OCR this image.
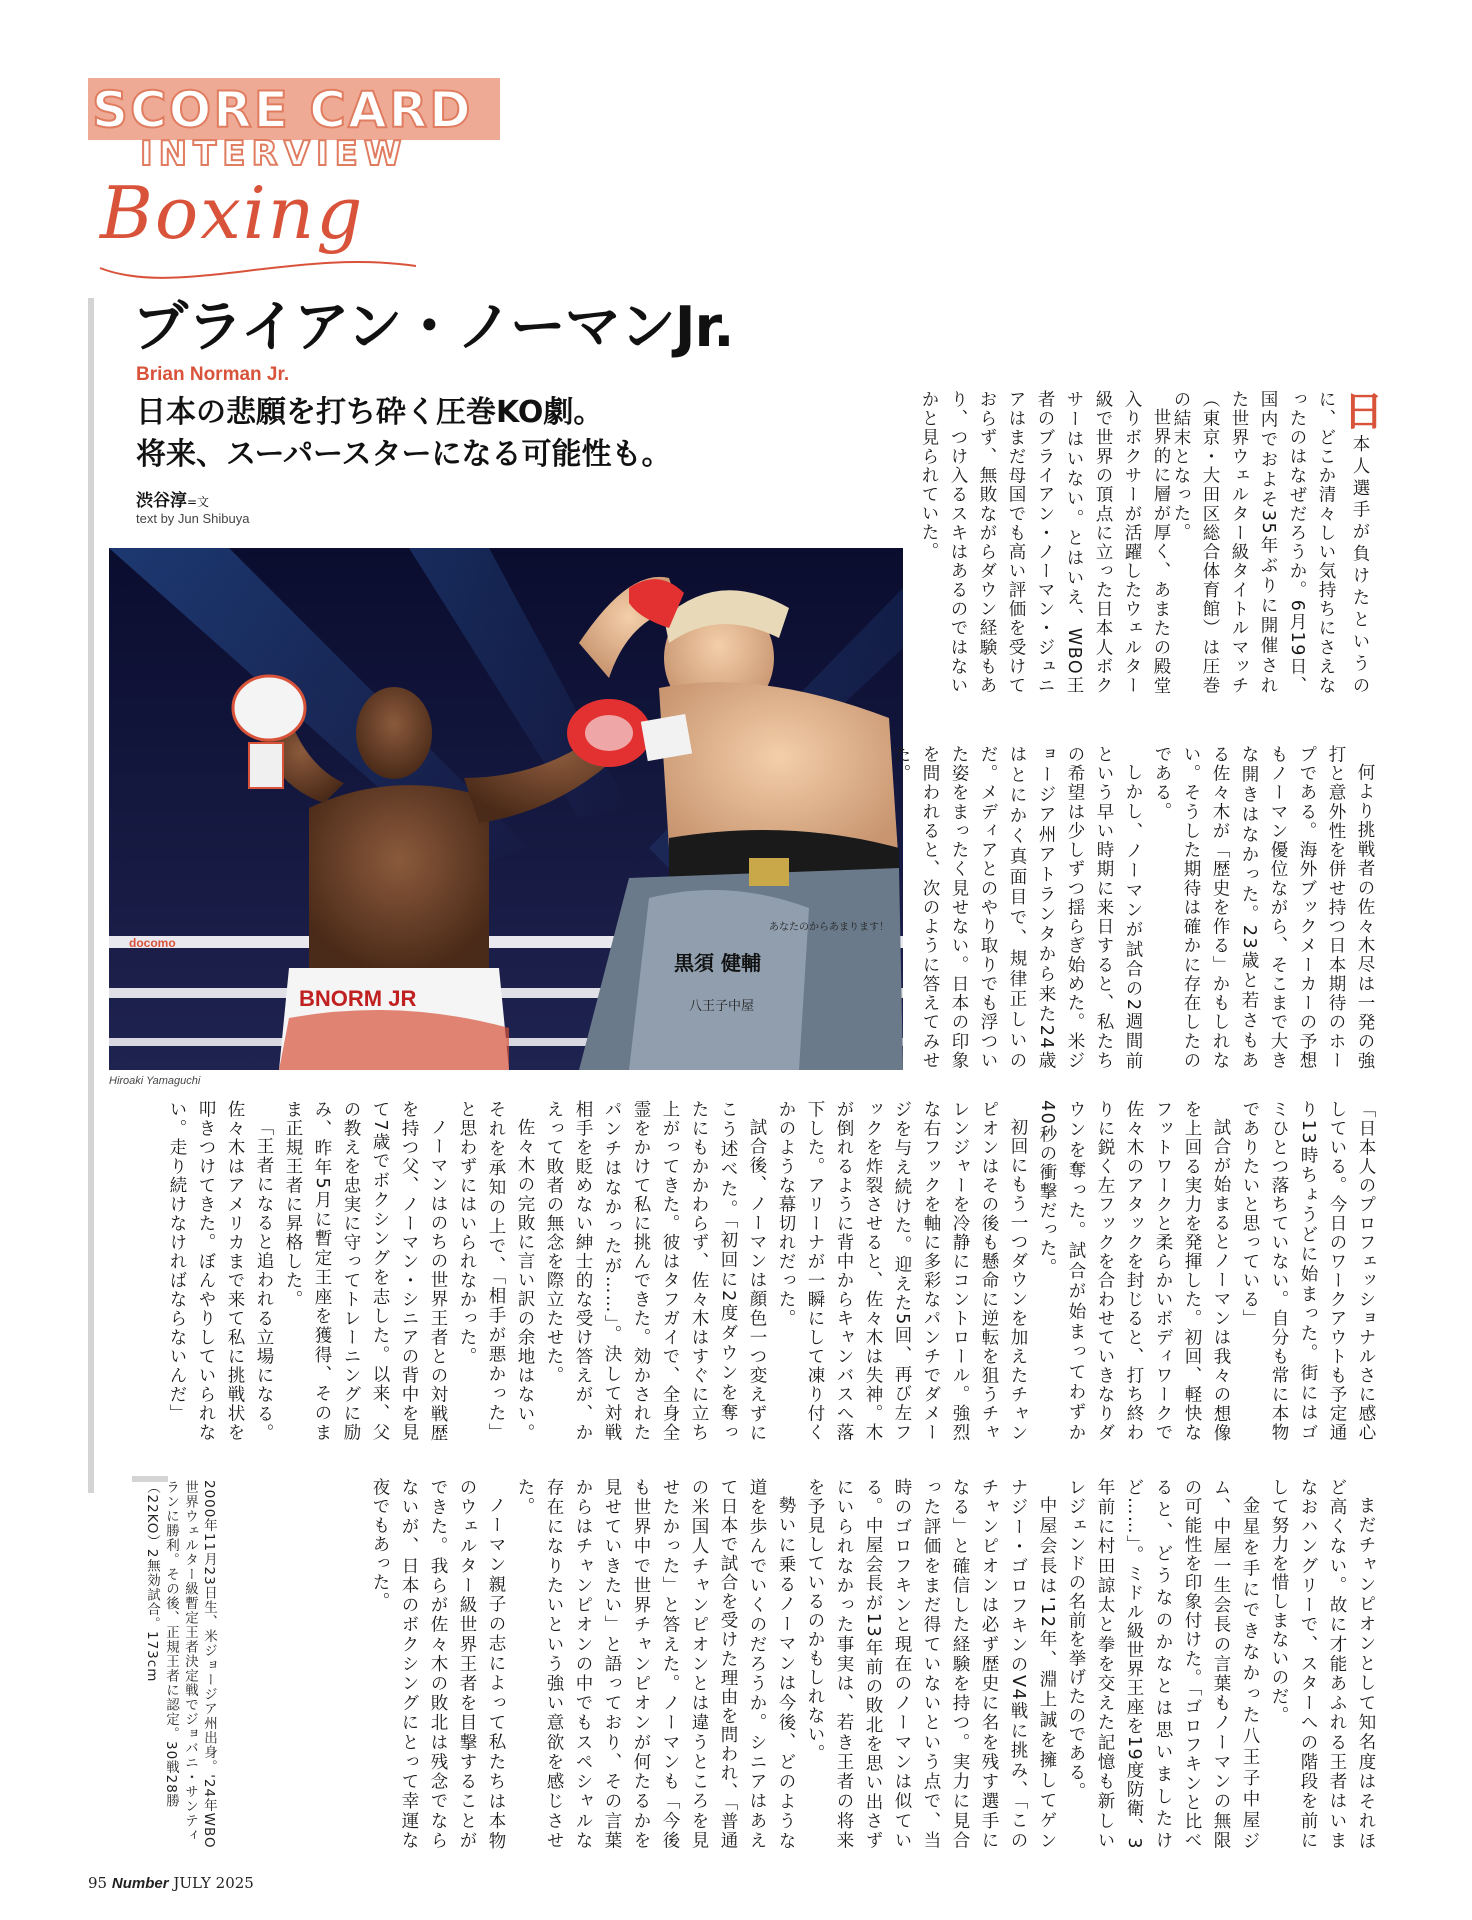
SCORE CARD
INTERVIEW
Boxing
ブライアン・ノーマンJr.
Brian Norman Jr.
日本の悲願を打ち砕く圧巻KO劇。
将来、スーパースターになる可能性も。
渋谷淳=文
text by Jun Shibuya
docomo
BNORM JR
黒須 健輔
八王子中屋
あなたのからあまります！
Hiroaki Yamaguchi

日本人選手が負けたというのに、どこか清々しい気持ちにさえなったのはなぜだろうか。6月19日、国内でおよそ35年ぶりに開催された世界ウェルター級タイトルマッチ（東京・大田区総合体育館）は圧巻の結末となった。

世界的に層が厚く、あまたの殿堂入りボクサーが活躍したウェルター級で世界の頂点に立った日本人ボクサーはいない。とはいえ、WBO王者のブライアン・ノーマン・ジュニアはまだ母国でも高い評価を受けておらず、無敗ながらダウン経験もあり、つけ入るスキはあるのではないかと見られていた。

何より挑戦者の佐々木尽は一発の強打と意外性を併せ持つ日本期待のホープである。海外ブックメーカーの予想もノーマン優位ながら、そこまで大きな開きはなかった。23歳と若さもある佐々木が「歴史を作る」かもしれない。そうした期待は確かに存在したのである。

しかし、ノーマンが試合の2週間前という早い時期に来日すると、私たちの希望は少しずつ揺らぎ始めた。米ジョージア州アトランタから来た24歳はとにかく真面目で、規律正しいのだ。メディアとのやり取りでも浮ついた姿をまったく見せない。日本の印象を問われると、次のように答えてみせた。

「日本人のプロフェッショナルさに感心している。今日のワークアウトも予定通り13時ちょうどに始まった。街にはゴミひとつ落ちていない。自分も常に本物でありたいと思っている」

試合が始まるとノーマンは我々の想像を上回る実力を発揮した。初回、軽快なフットワークと柔らかいボディワークで佐々木のアタックを封じると、打ち終わりに鋭く左フックを合わせていきなりダウンを奪った。試合が始まってわずか40秒の衝撃だった。

初回にもう一つダウンを加えたチャンピオンはその後も懸命に逆転を狙うチャレンジャーを冷静にコントロール。強烈な右フックを軸に多彩なパンチでダメージを与え続けた。迎えた5回、再び左フックを炸裂させると、佐々木は失神。木が倒れるように背中からキャンバスへ落下した。アリーナが一瞬にして凍り付くかのような幕切れだった。

試合後、ノーマンは顔色一つ変えずにこう述べた。「初回に2度ダウンを奪ったにもかかわらず、佐々木はすぐに立ち上がってきた。彼はタフガイで、全身全霊をかけて私に挑んできた。効かされたパンチはなかったが……」。決して対戦相手を貶めない紳士的な受け答えが、かえって敗者の無念を際立たせた。

佐々木の完敗に言い訳の余地はない。それを承知の上で、「相手が悪かった」と思わずにはいられなかった。

ノーマンはのちの世界王者との対戦歴を持つ父、ノーマン・シニアの背中を見て7歳でボクシングを志した。以来、父の教えを忠実に守ってトレーニングに励み、昨年5月に暫定王座を獲得、そのまま正規王者に昇格した。

「王者になると追われる立場になる。佐々木はアメリカまで来て私に挑戦状を叩きつけてきた。ぼんやりしていられない。走り続けなければならないんだ」

まだチャンピオンとして知名度はそれほど高くない。故に才能あふれる王者はいまなおハングリーで、スターへの階段を前にして努力を惜しまないのだ。

金星を手にできなかった八王子中屋ジム、中屋一生会長の言葉もノーマンの無限の可能性を印象付けた。「ゴロフキンと比べると、どうなのかなとは思いましたけど……」。ミドル級世界王座を19度防衛、3年前に村田諒太と拳を交えた記憶も新しいレジェンドの名前を挙げたのである。

中屋会長は'12年、淵上誠を擁してゲンナジー・ゴロフキンのV4戦に挑み、「このチャンピオンは必ず歴史に名を残す選手になる」と確信した経験を持つ。実力に見合った評価をまだ得ていないという点で、当時のゴロフキンと現在のノーマンは似ている。中屋会長が13年前の敗北を思い出さずにいられなかった事実は、若き王者の将来を予見しているのかもしれない。

勢いに乗るノーマンは今後、どのような道を歩んでいくのだろうか。シニアはあえて日本で試合を受けた理由を問われ、「普通の米国人チャンピオンとは違うところを見せたかった」と答えた。ノーマンも「今後も世界中で世界チャンピオンが何たるかを見せていきたい」と語っており、その言葉からはチャンピオンの中でもスペシャルな存在になりたいという強い意欲を感じさせた。

ノーマン親子の志によって私たちは本物のウェルター級世界王者を目撃することができた。我らが佐々木の敗北は残念でならないが、日本のボクシングにとって幸運な夜でもあった。

2000年11月23日生、米ジョージア州出身。'24年WBO世界ウェルター級暫定王者決定戦でジョバニ・サンティランに勝利。その後、正規王者に認定。30戦28勝（22KO）2無効試合。173cm
95 Number JULY 2025
